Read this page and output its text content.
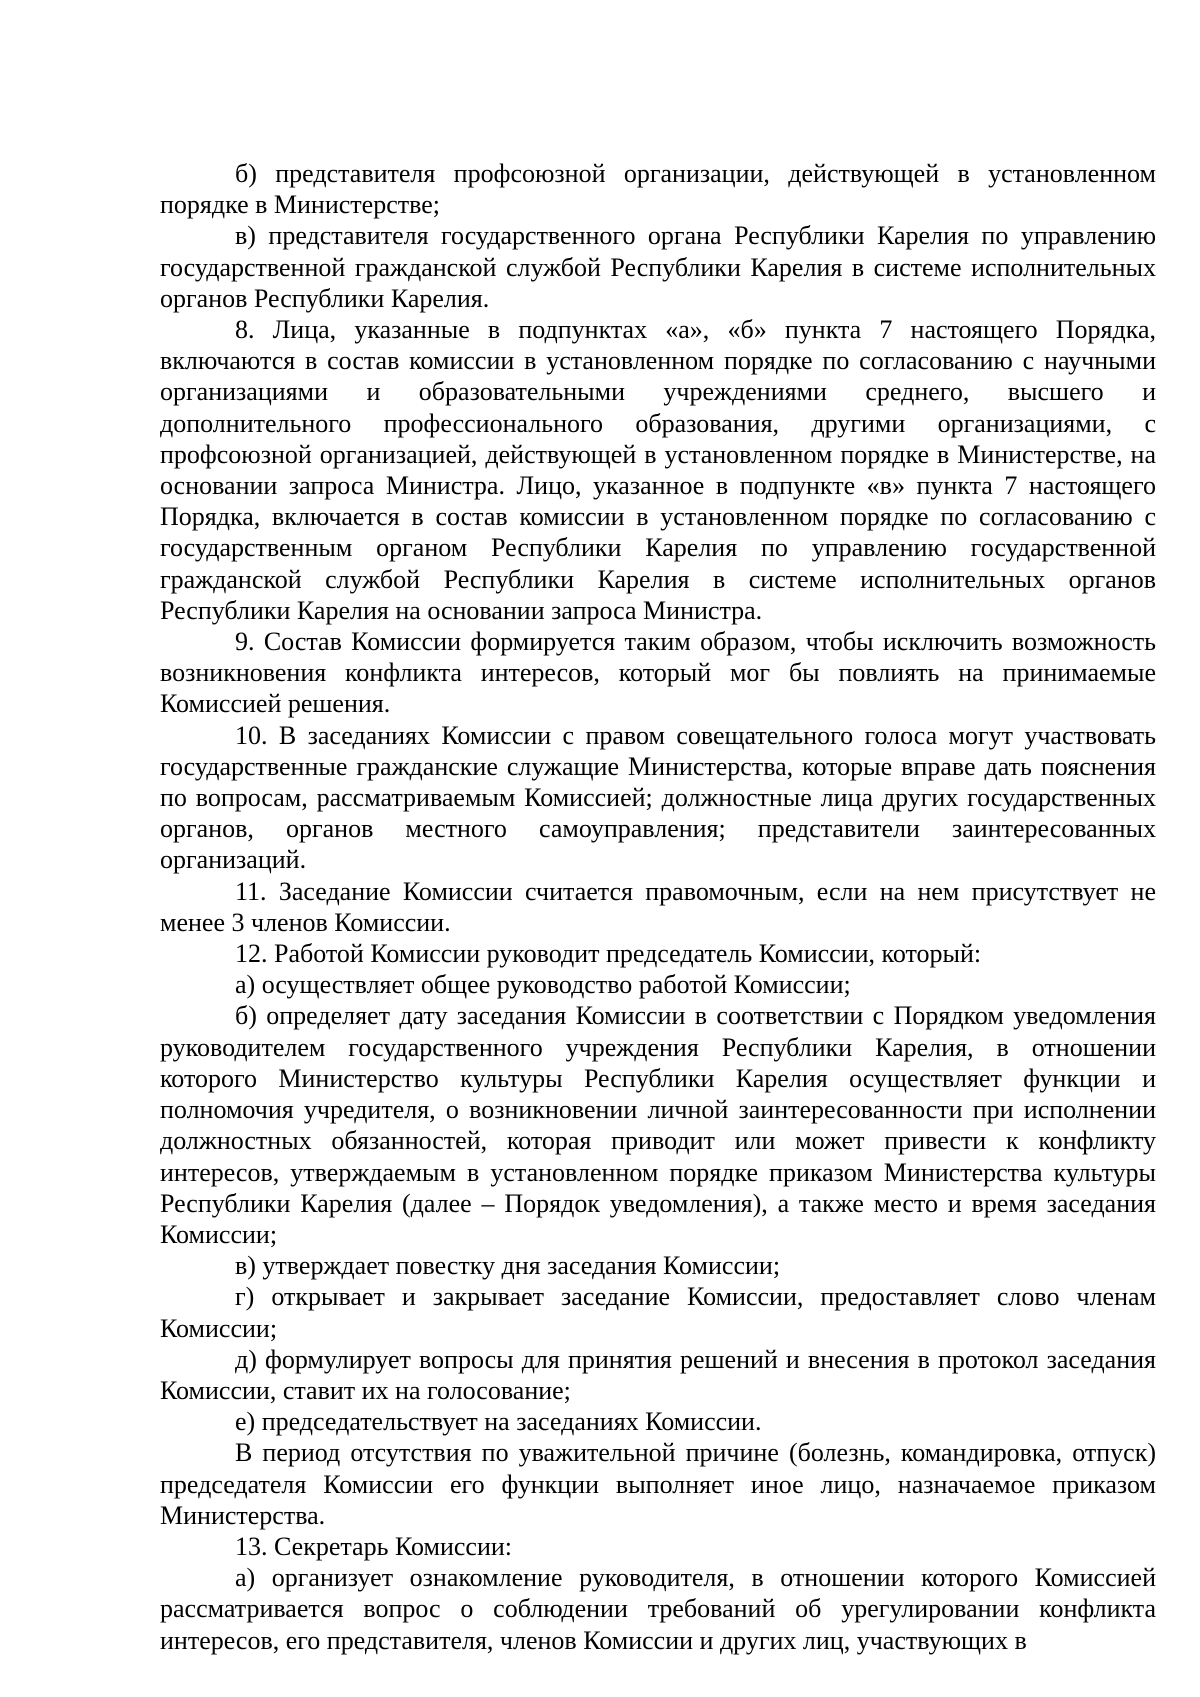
б) представителя профсоюзной организации, действующей в установленном порядке в Министерстве;

в) представителя государственного органа Республики Карелия по управлению государственной гражданской службой Республики Карелия в системе исполнительных органов Республики Карелия.

8. Лица, указанные в подпунктах «а», «б» пункта 7 настоящего Порядка, включаются в состав комиссии в установленном порядке по согласованию с научными организациями и образовательными учреждениями среднего, высшего и дополнительного профессионального образования, другими организациями, с профсоюзной организацией, действующей в установленном порядке в Министерстве, на основании запроса Министра. Лицо, указанное в подпункте «в» пункта 7 настоящего Порядка, включается в состав комиссии в установленном порядке по согласованию с государственным органом Республики Карелия по управлению государственной гражданской службой Республики Карелия в системе исполнительных органов Республики Карелия на основании запроса Министра.

9. Состав Комиссии формируется таким образом, чтобы исключить возможность возникновения конфликта интересов, который мог бы повлиять на принимаемые Комиссией решения.

10. В заседаниях Комиссии с правом совещательного голоса могут участвовать государственные гражданские служащие Министерства, которые вправе дать пояснения по вопросам, рассматриваемым Комиссией; должностные лица других государственных органов, органов местного самоуправления; представители заинтересованных организаций.

11. Заседание Комиссии считается правомочным, если на нем присутствует не менее 3 членов Комиссии.

12. Работой Комиссии руководит председатель Комиссии, который:

а) осуществляет общее руководство работой Комиссии;

б) определяет дату заседания Комиссии в соответствии с Порядком уведомления руководителем государственного учреждения Республики Карелия, в отношении которого Министерство культуры Республики Карелия осуществляет функции и полномочия учредителя, о возникновении личной заинтересованности при исполнении должностных обязанностей, которая приводит или может привести к конфликту интересов, утверждаемым в установленном порядке приказом Министерства культуры Республики Карелия (далее – Порядок уведомления), а также место и время заседания Комиссии;

в) утверждает повестку дня заседания Комиссии;

г) открывает и закрывает заседание Комиссии, предоставляет слово членам Комиссии;

д) формулирует вопросы для принятия решений и внесения в протокол заседания Комиссии, ставит их на голосование;

е) председательствует на заседаниях Комиссии.

В период отсутствия по уважительной причине (болезнь, командировка, отпуск) председателя Комиссии его функции выполняет иное лицо, назначаемое приказом Министерства.

13. Секретарь Комиссии:

а) организует ознакомление руководителя, в отношении которого Комиссией рассматривается вопрос о соблюдении требований об урегулировании конфликта интересов, его представителя, членов Комиссии и других лиц, участвующих в
